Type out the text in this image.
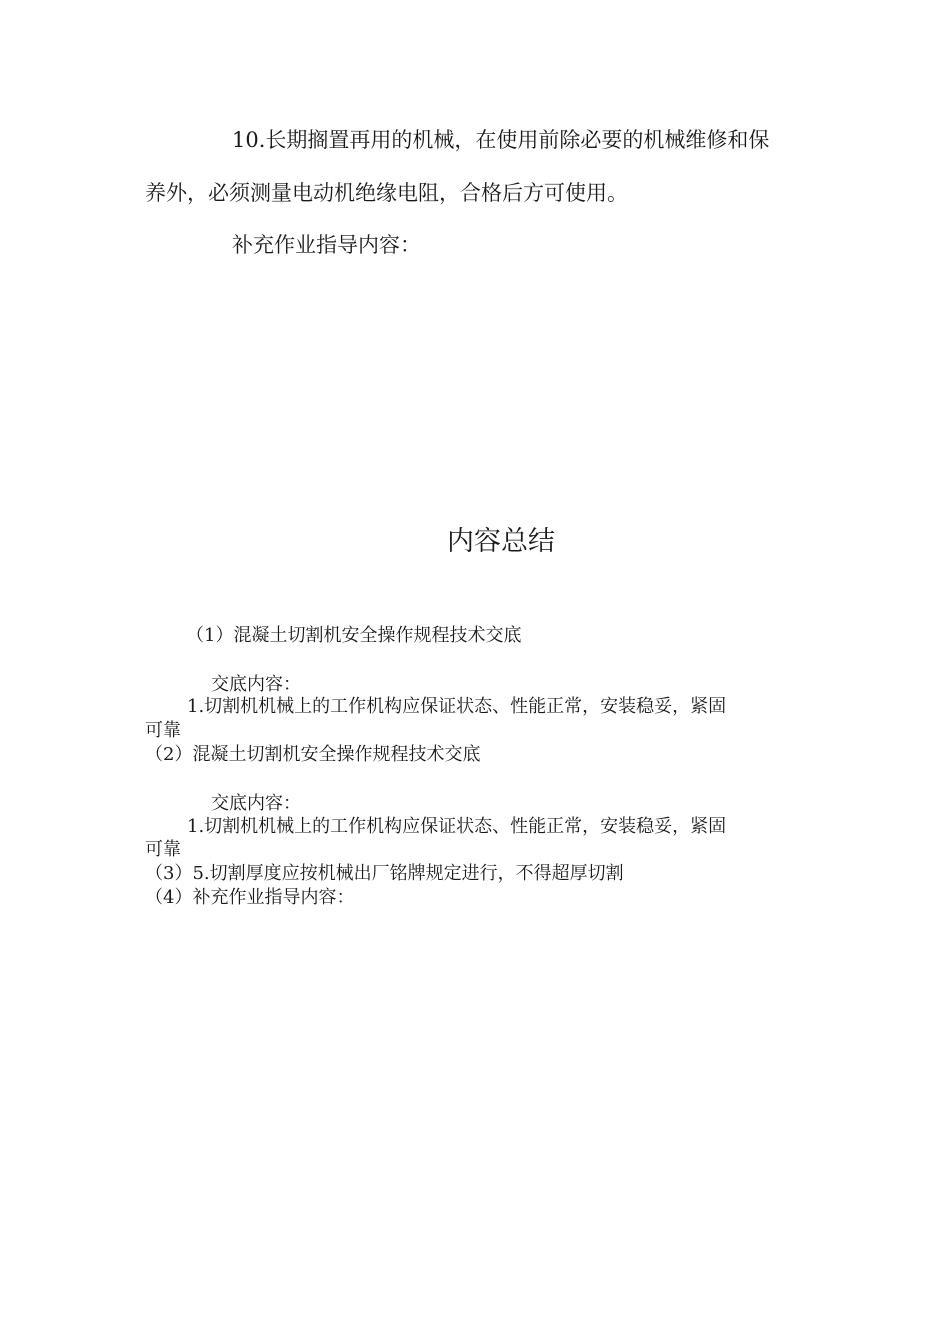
10.长期搁置再用的机械，在使用前除必要的机械维修和保

养外，必须测量电动机绝缘电阻，合格后方可使用。

补充作业指导内容：

内容总结

（1）混凝土切割机安全操作规程技术交底

交底内容：

1.切割机机械上的工作机构应保证状态、性能正常，安装稳妥，紧固

可靠

（2）混凝土切割机安全操作规程技术交底

交底内容：

1.切割机机械上的工作机构应保证状态、性能正常，安装稳妥，紧固

可靠

（3）5.切割厚度应按机械出厂铭牌规定进行，不得超厚切割

（4）补充作业指导内容：
